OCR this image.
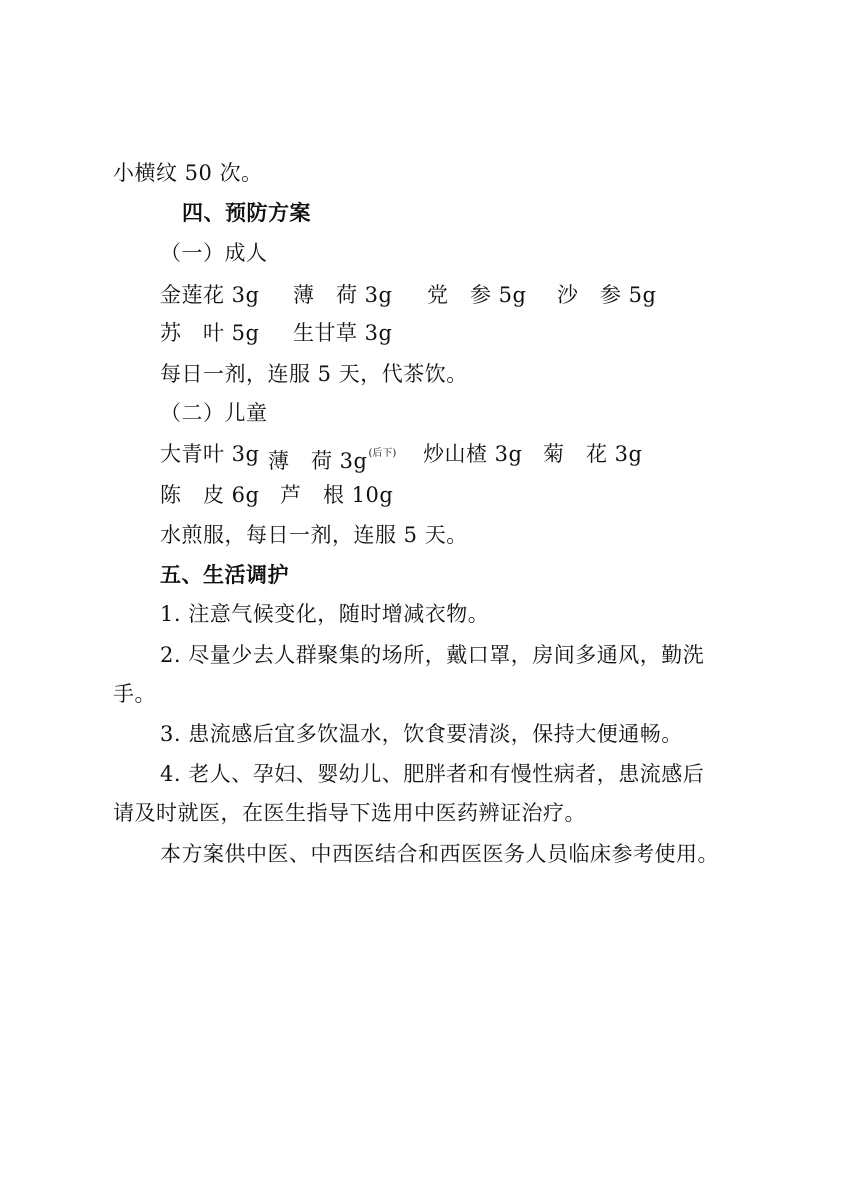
小横纹 50 次。
四、预防方案
（一）成人
金莲花 3g	薄　荷 3g	党　参 5g	沙　参 5g
苏　叶 5g	生甘草 3g
每日一剂，连服 5 天，代茶饮。
（二）儿童
大青叶 3g 薄　荷 3g$^{(后下)}$	炒山楂 3g 菊　花 3g
陈　皮 6g 芦　根 10g
水煎服，每日一剂，连服 5 天。
五、生活调护
1. 注意气候变化，随时增减衣物。
2. 尽量少去人群聚集的场所，戴口罩，房间多通风，勤洗
手。
3. 患流感后宜多饮温水，饮食要清淡，保持大便通畅。
4. 老人、孕妇、婴幼儿、肥胖者和有慢性病者，患流感后
请及时就医，在医生指导下选用中医药辨证治疗。
本方案供中医、中西医结合和西医医务人员临床参考使用。
